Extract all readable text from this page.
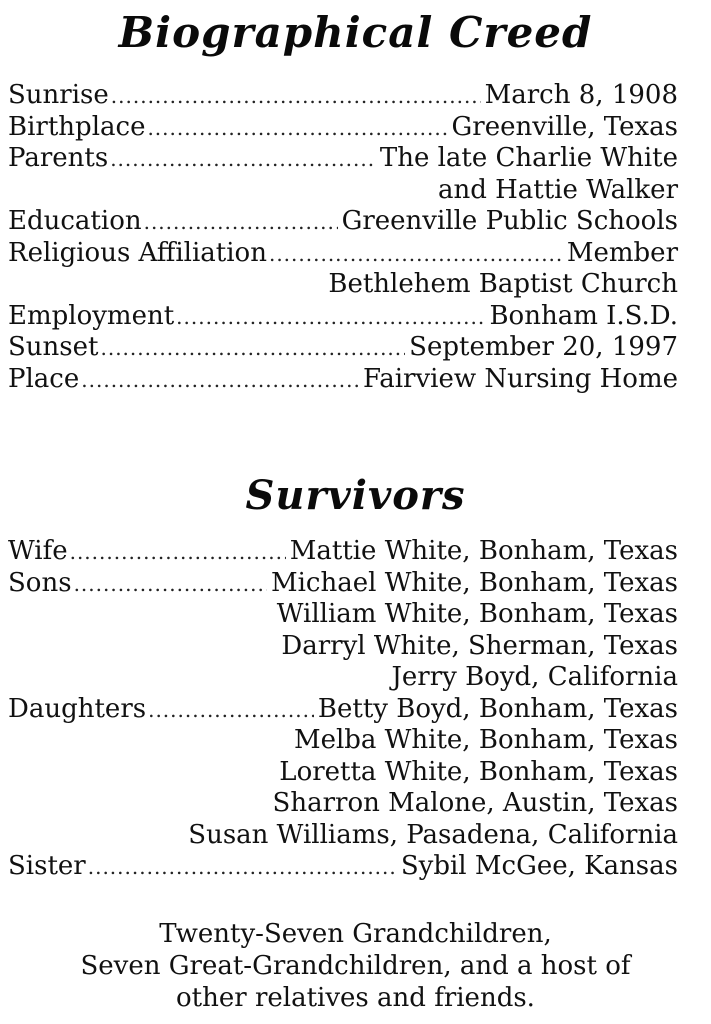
Biographical Creed
Sunrise .....	March 8, 1908
Birthplace .....	Greenville, Texas
Parents .....	The late Charlie White
and Hattie Walker
Education .....	Greenville Public Schools
Religious Affiliation .....	Member
Bethlehem Baptist Church
Employment .....	Bonham I.S.D.
Sunset .....	September 20, 1997
Place .....	Fairview Nursing Home
Survivors
Wife .....	Mattie White, Bonham, Texas
Sons .....	Michael White, Bonham, Texas
William White, Bonham, Texas
Darryl White, Sherman, Texas
Jerry Boyd, California
Daughters .....	Betty Boyd, Bonham, Texas
Melba White, Bonham, Texas
Loretta White, Bonham, Texas
Sharron Malone, Austin, Texas
Susan Williams, Pasadena, California
Sister .....	Sybil McGee, Kansas
Twenty-Seven Grandchildren,
Seven Great-Grandchildren, and a host of
other relatives and friends.
